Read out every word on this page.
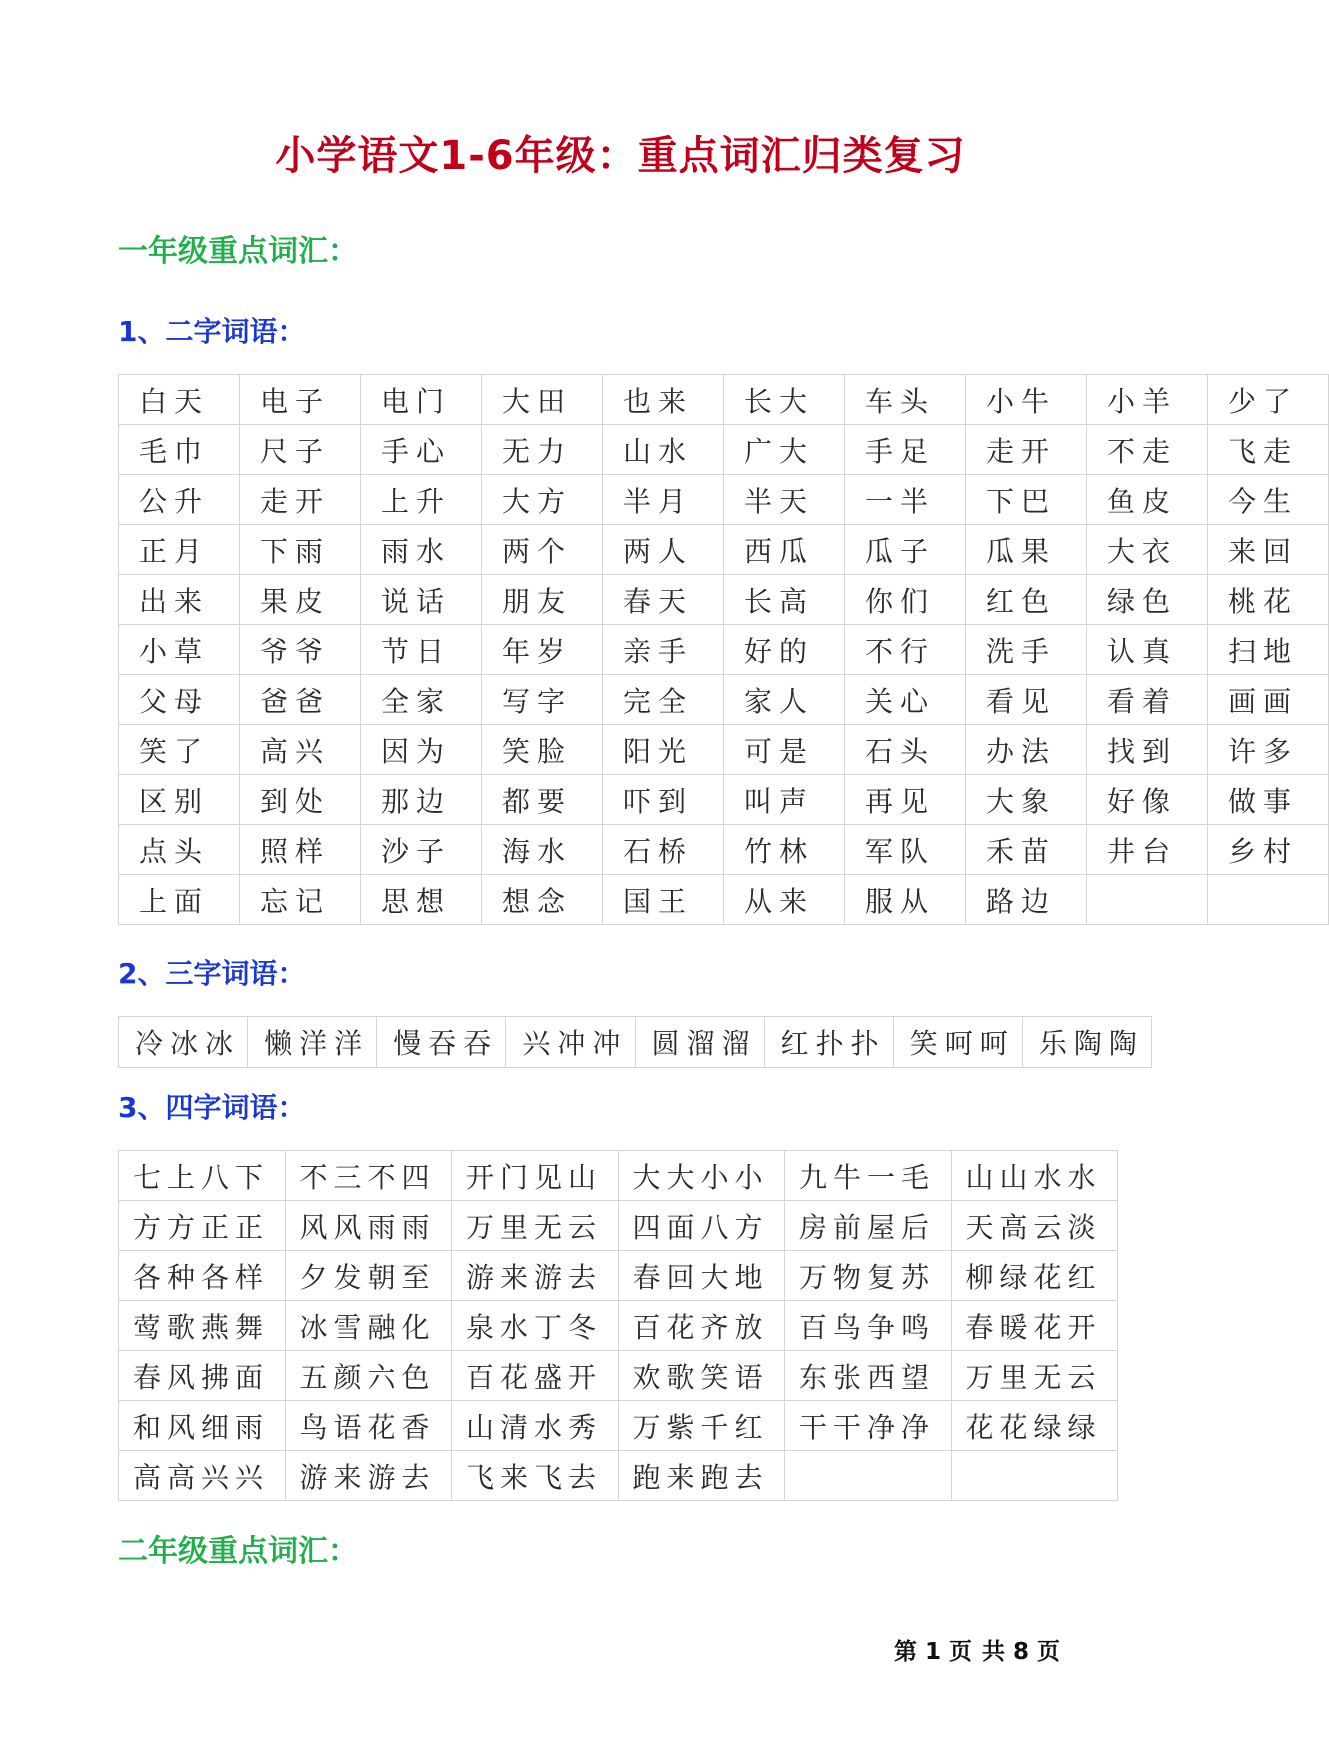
小学语文1-6年级：重点词汇归类复习
一年级重点词汇：
1、二字词语：
白天	电子	电门	大田	也来	长大	车头	小牛	小羊	少了
毛巾	尺子	手心	无力	山水	广大	手足	走开	不走	飞走
公升	走开	上升	大方	半月	半天	一半	下巴	鱼皮	今生
正月	下雨	雨水	两个	两人	西瓜	瓜子	瓜果	大衣	来回
出来	果皮	说话	朋友	春天	长高	你们	红色	绿色	桃花
小草	爷爷	节日	年岁	亲手	好的	不行	洗手	认真	扫地
父母	爸爸	全家	写字	完全	家人	关心	看见	看着	画画
笑了	高兴	因为	笑脸	阳光	可是	石头	办法	找到	许多
区别	到处	那边	都要	吓到	叫声	再见	大象	好像	做事
点头	照样	沙子	海水	石桥	竹林	军队	禾苗	井台	乡村
上面	忘记	思想	想念	国王	从来	服从	路边		
2、三字词语：
冷冰冰	懒洋洋	慢吞吞	兴冲冲	圆溜溜	红扑扑	笑呵呵	乐陶陶
3、四字词语：
七上八下	不三不四	开门见山	大大小小	九牛一毛	山山水水
方方正正	风风雨雨	万里无云	四面八方	房前屋后	天高云淡
各种各样	夕发朝至	游来游去	春回大地	万物复苏	柳绿花红
莺歌燕舞	冰雪融化	泉水丁冬	百花齐放	百鸟争鸣	春暖花开
春风拂面	五颜六色	百花盛开	欢歌笑语	东张西望	万里无云
和风细雨	鸟语花香	山清水秀	万紫千红	干干净净	花花绿绿
高高兴兴	游来游去	飞来飞去	跑来跑去		
二年级重点词汇：
第 1 页 共 8 页
